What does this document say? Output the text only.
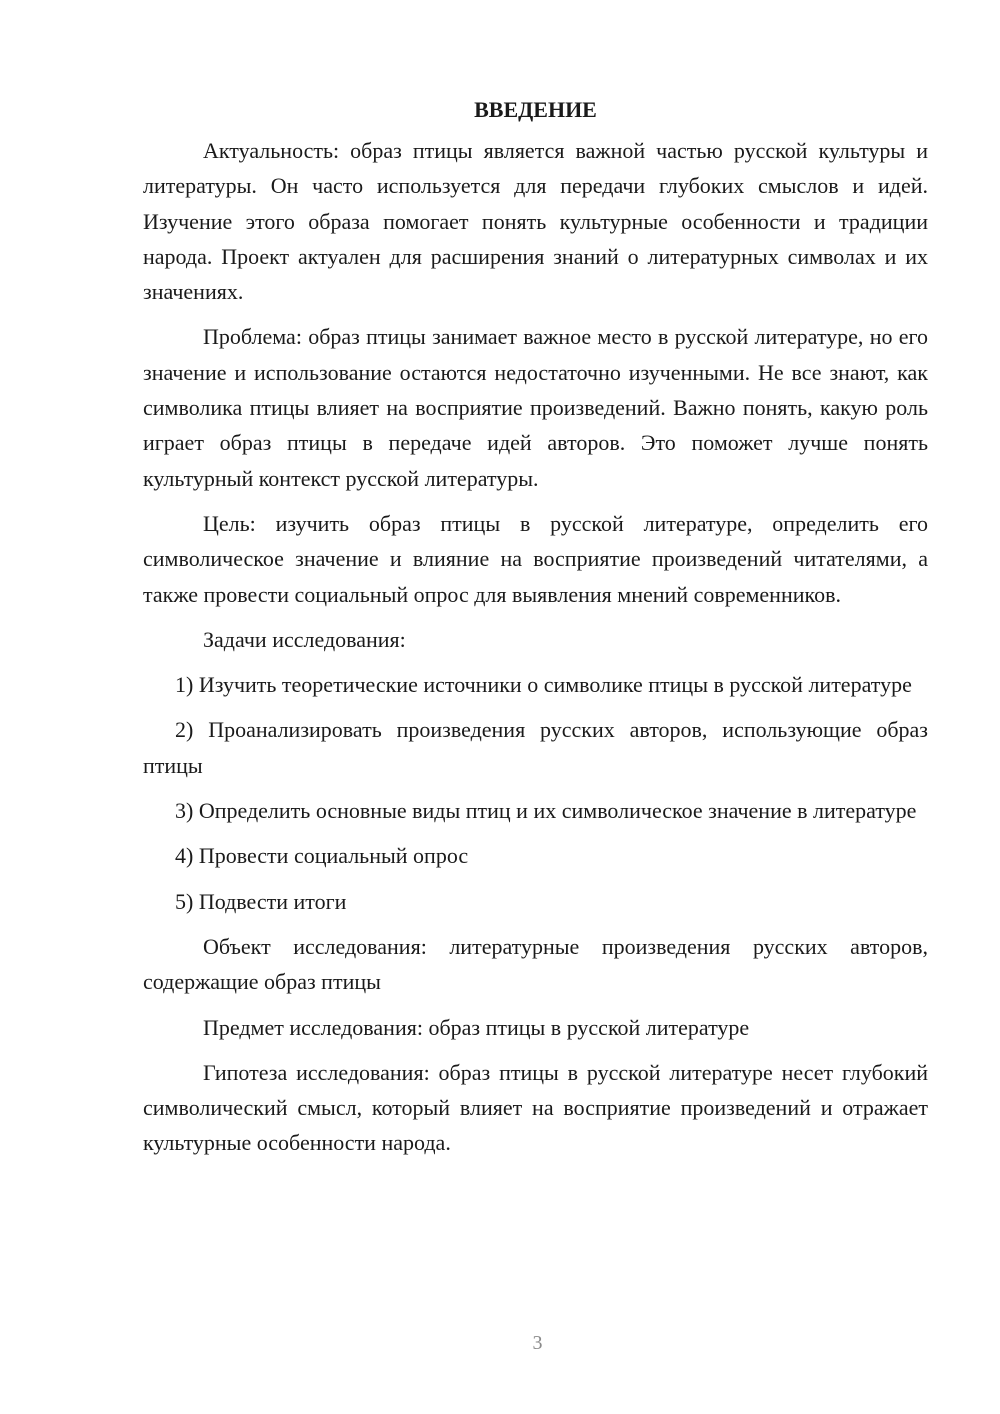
ВВЕДЕНИЕ

Актуальность: образ птицы является важной частью русской культуры и литературы. Он часто используется для передачи глубоких смыслов и идей. Изучение этого образа помогает понять культурные особенности и традиции народа. Проект актуален для расширения знаний о литературных символах и их значениях.

Проблема: образ птицы занимает важное место в русской литературе, но его значение и использование остаются недостаточно изученными. Не все знают, как символика птицы влияет на восприятие произведений. Важно понять, какую роль играет образ птицы в передаче идей авторов. Это поможет лучше понять культурный контекст русской литературы.

Цель: изучить образ птицы в русской литературе, определить его символическое значение и влияние на восприятие произведений читателями, а также провести социальный опрос для выявления мнений современников.

Задачи исследования:

1) Изучить теоретические источники о символике птицы в русской литературе

2) Проанализировать произведения русских авторов, использующие образ птицы

3) Определить основные виды птиц и их символическое значение в литературе

4) Провести социальный опрос

5) Подвести итоги

Объект исследования: литературные произведения русских авторов, содержащие образ птицы

Предмет исследования: образ птицы в русской литературе

Гипотеза исследования: образ птицы в русской литературе несет глубокий символический смысл, который влияет на восприятие произведений и отражает культурные особенности народа.

3
